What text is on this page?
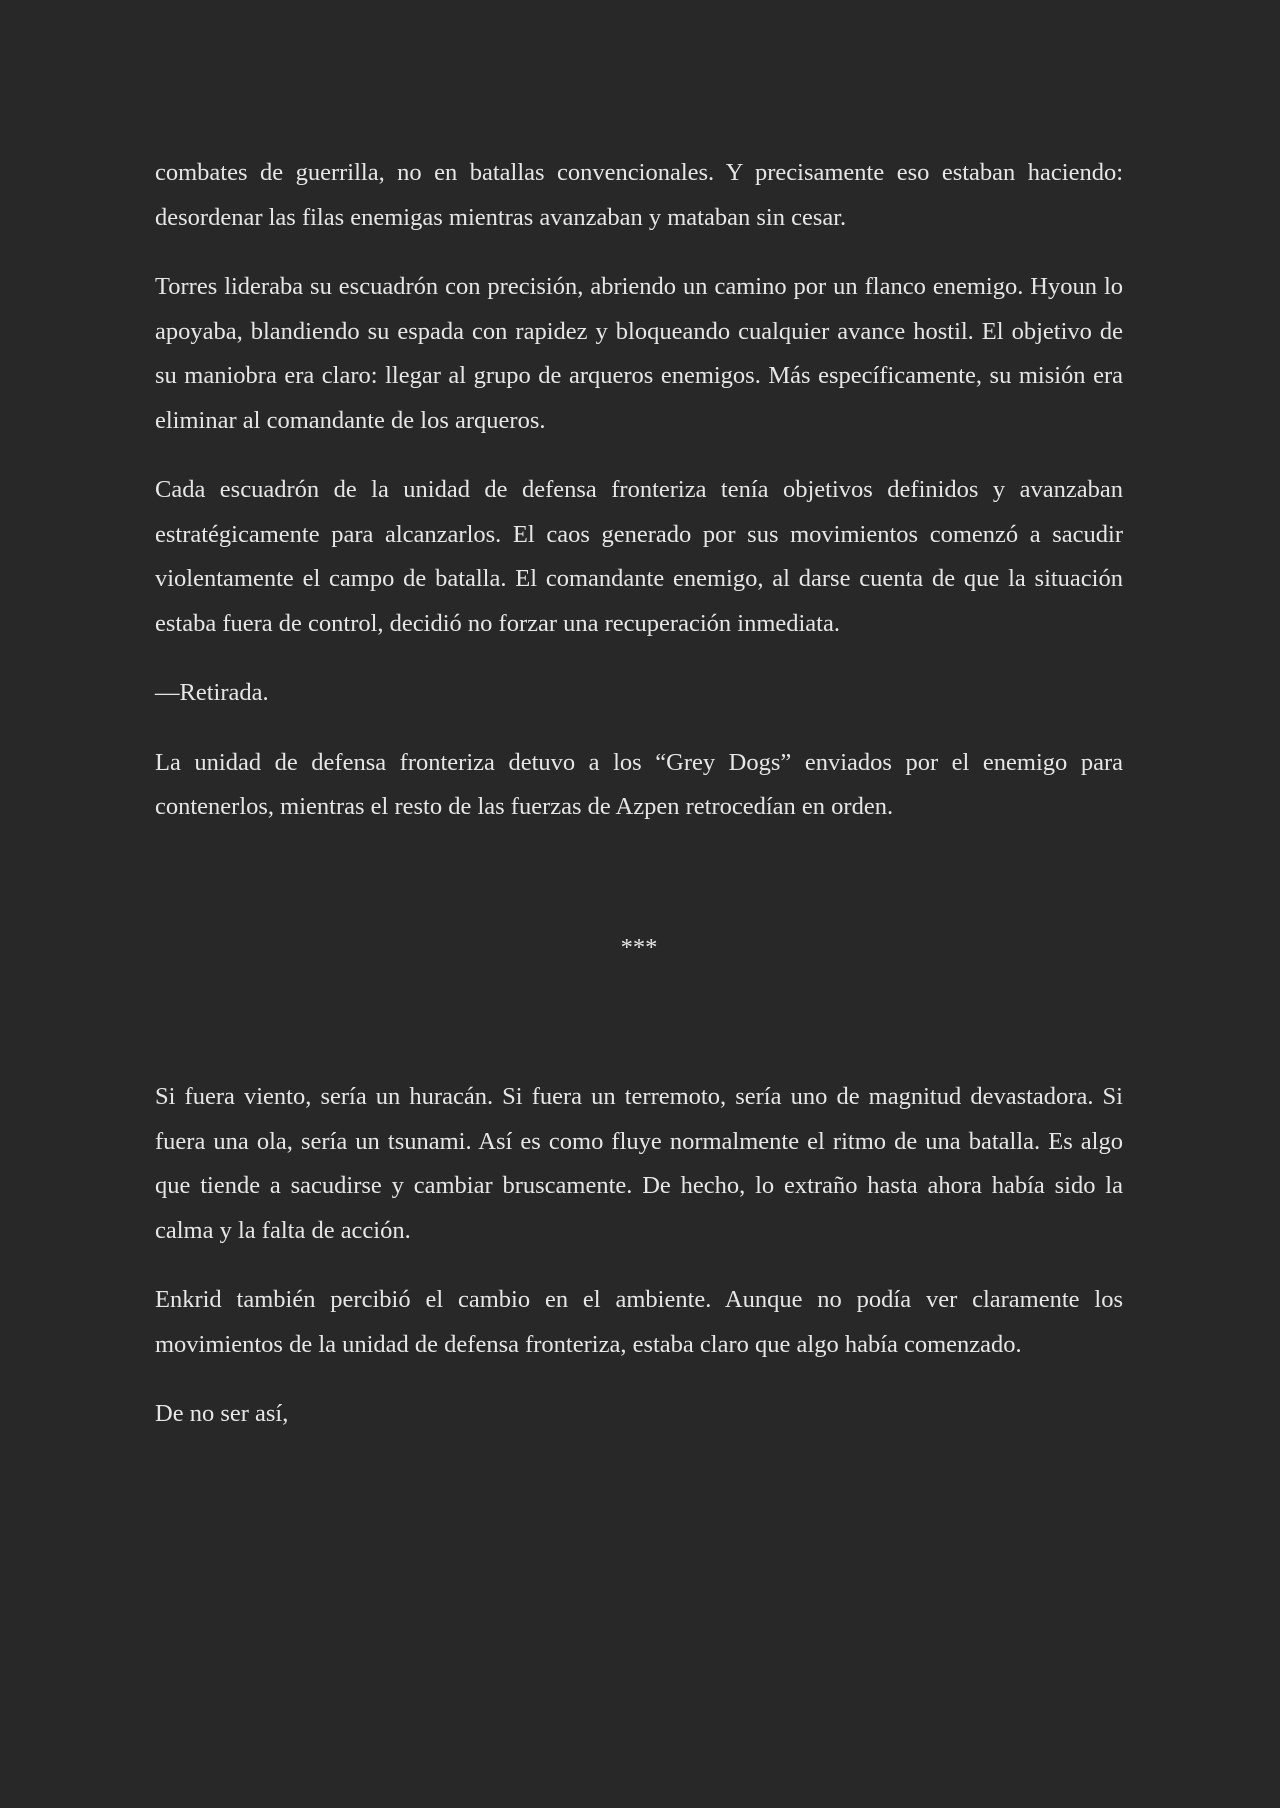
combates de guerrilla, no en batallas convencionales. Y precisamente eso estaban haciendo: desordenar las filas enemigas mientras avanzaban y mataban sin cesar.

Torres lideraba su escuadrón con precisión, abriendo un camino por un flanco enemigo. Hyoun lo apoyaba, blandiendo su espada con rapidez y bloqueando cualquier avance hostil. El objetivo de su maniobra era claro: llegar al grupo de arqueros enemigos. Más específicamente, su misión era eliminar al comandante de los arqueros.

Cada escuadrón de la unidad de defensa fronteriza tenía objetivos definidos y avanzaban estratégicamente para alcanzarlos. El caos generado por sus movimientos comenzó a sacudir violentamente el campo de batalla. El comandante enemigo, al darse cuenta de que la situación estaba fuera de control, decidió no forzar una recuperación inmediata.

—Retirada.

La unidad de defensa fronteriza detuvo a los “Grey Dogs” enviados por el enemigo para contenerlos, mientras el resto de las fuerzas de Azpen retrocedían en orden.

***

Si fuera viento, sería un huracán. Si fuera un terremoto, sería uno de magnitud devastadora. Si fuera una ola, sería un tsunami. Así es como fluye normalmente el ritmo de una batalla. Es algo que tiende a sacudirse y cambiar bruscamente. De hecho, lo extraño hasta ahora había sido la calma y la falta de acción.

Enkrid también percibió el cambio en el ambiente. Aunque no podía ver claramente los movimientos de la unidad de defensa fronteriza, estaba claro que algo había comenzado.

De no ser así,
